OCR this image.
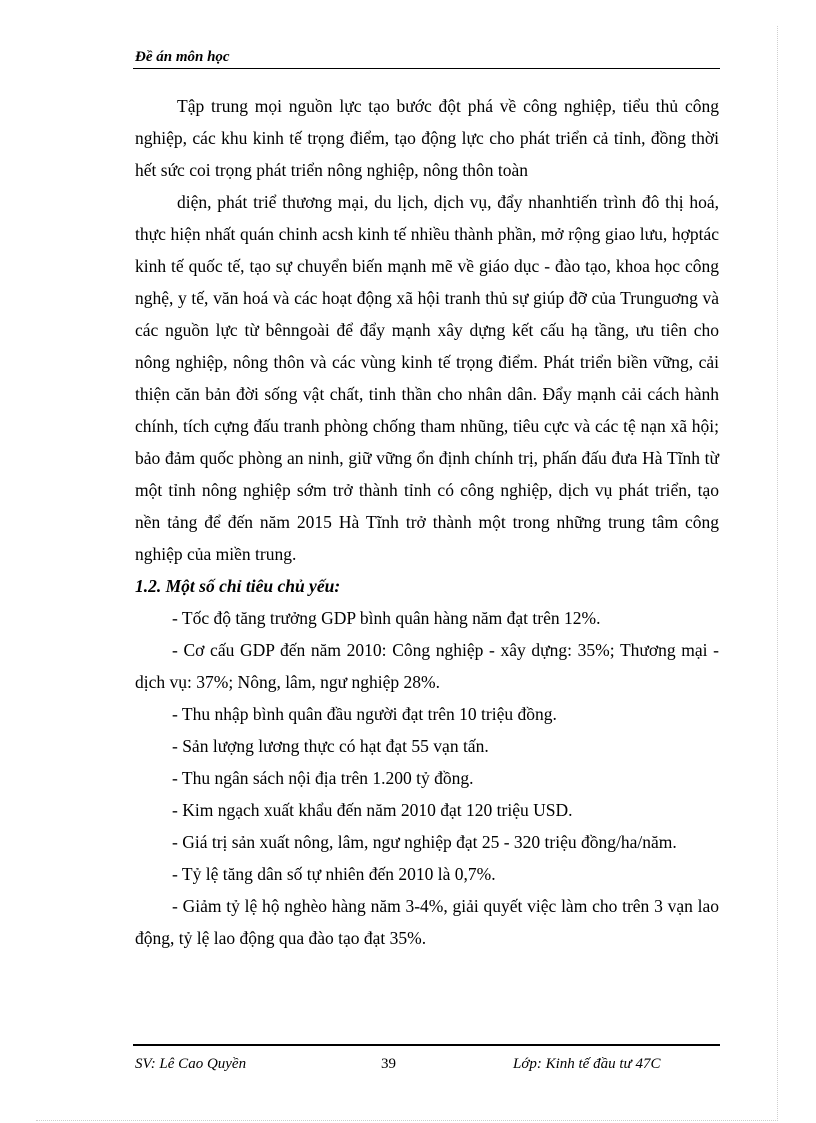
Đề án môn học

Tập trung mọi nguồn lực tạo bước đột phá về công nghiệp, tiểu thủ công nghiệp, các khu kinh tế trọng điểm, tạo động lực cho phát triển cả tỉnh, đồng thời hết sức coi trọng phát triển nông nghiệp, nông thôn toàn

diện, phát triể thương mại, du lịch, dịch vụ, đẩy nhanhtiến trình đô thị hoá, thực hiện nhất quán chinh acsh kinh tế nhiều thành phần, mở rộng giao lưu, hợptác kinh tế quốc tế, tạo sự chuyển biến mạnh mẽ về giáo dục - đào tạo, khoa học công nghệ, y tế, văn hoá và các hoạt động xã hội tranh thủ sự giúp đỡ của Trunguơng và các nguồn lực từ bênngoài để đẩy mạnh xây dựng kết cấu hạ tầng, ưu tiên cho nông nghiệp, nông thôn và các vùng kinh tế trọng điểm. Phát triển biền vững, cải thiện căn bản đời sống vật chất, tinh thần cho nhân dân. Đẩy mạnh cải cách hành chính, tích cựng đấu tranh phòng chống tham nhũng, tiêu cực và các tệ nạn xã hội; bảo đảm quốc phòng an ninh, giữ vững ổn định chính trị, phấn đấu đưa Hà Tĩnh từ một tỉnh nông nghiệp sớm trở thành tỉnh có công nghiệp, dịch vụ phát triển, tạo nền tảng để đến năm 2015 Hà Tĩnh trở thành một trong những trung tâm công nghiệp của miền trung.

1.2. Một số chỉ tiêu chủ yếu:

- Tốc độ tăng trưởng GDP bình quân hàng năm đạt trên 12%.

- Cơ cấu GDP đến năm 2010: Công nghiệp - xây dựng: 35%; Thương mại - dịch vụ: 37%; Nông, lâm, ngư nghiệp 28%.

- Thu nhập bình quân đầu người đạt trên 10 triệu đồng.

- Sản lượng lương thực có hạt đạt 55 vạn tấn.

- Thu ngân sách nội địa trên 1.200 tỷ đồng.

- Kim ngạch xuất khẩu đến năm 2010 đạt 120 triệu USD.

- Giá trị sản xuất nông, lâm, ngư nghiệp đạt 25 - 320 triệu đồng/ha/năm.

- Tỷ lệ tăng dân số tự nhiên đến 2010 là 0,7%.

- Giảm tỷ lệ hộ nghèo hàng năm 3-4%, giải quyết việc làm cho trên 3 vạn lao động, tỷ lệ lao động qua đào tạo đạt 35%.

SV: Lê Cao Quyền	39	Lớp: Kinh tế đầu tư 47C
